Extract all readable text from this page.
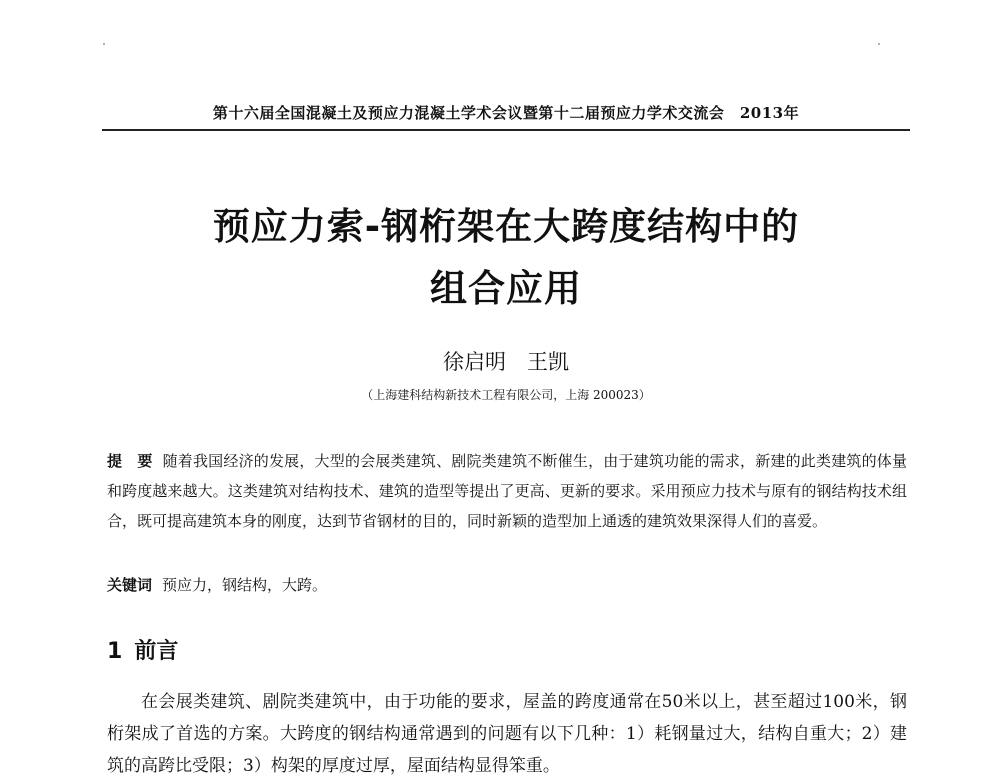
第十六届全国混凝土及预应力混凝土学术会议暨第十二届预应力学术交流会　2013年
预应力索-钢桁架在大跨度结构中的
组合应用
徐启明　王凯
（上海建科结构新技术工程有限公司，上海 200023）
提　要 随着我国经济的发展，大型的会展类建筑、剧院类建筑不断催生，由于建筑功能的需求，新建的此类建筑的体量和跨度越来越大。这类建筑对结构技术、建筑的造型等提出了更高、更新的要求。采用预应力技术与原有的钢结构技术组合，既可提高建筑本身的刚度，达到节省钢材的目的，同时新颖的造型加上通透的建筑效果深得人们的喜爱。
关键词 预应力，钢结构，大跨。
1 前言
在会展类建筑、剧院类建筑中，由于功能的要求，屋盖的跨度通常在50米以上，甚至超过100米，钢桁架成了首选的方案。大跨度的钢结构通常遇到的问题有以下几种：1）耗钢量过大，结构自重大；2）建筑的高跨比受限；3）构架的厚度过厚，屋面结构显得笨重。
